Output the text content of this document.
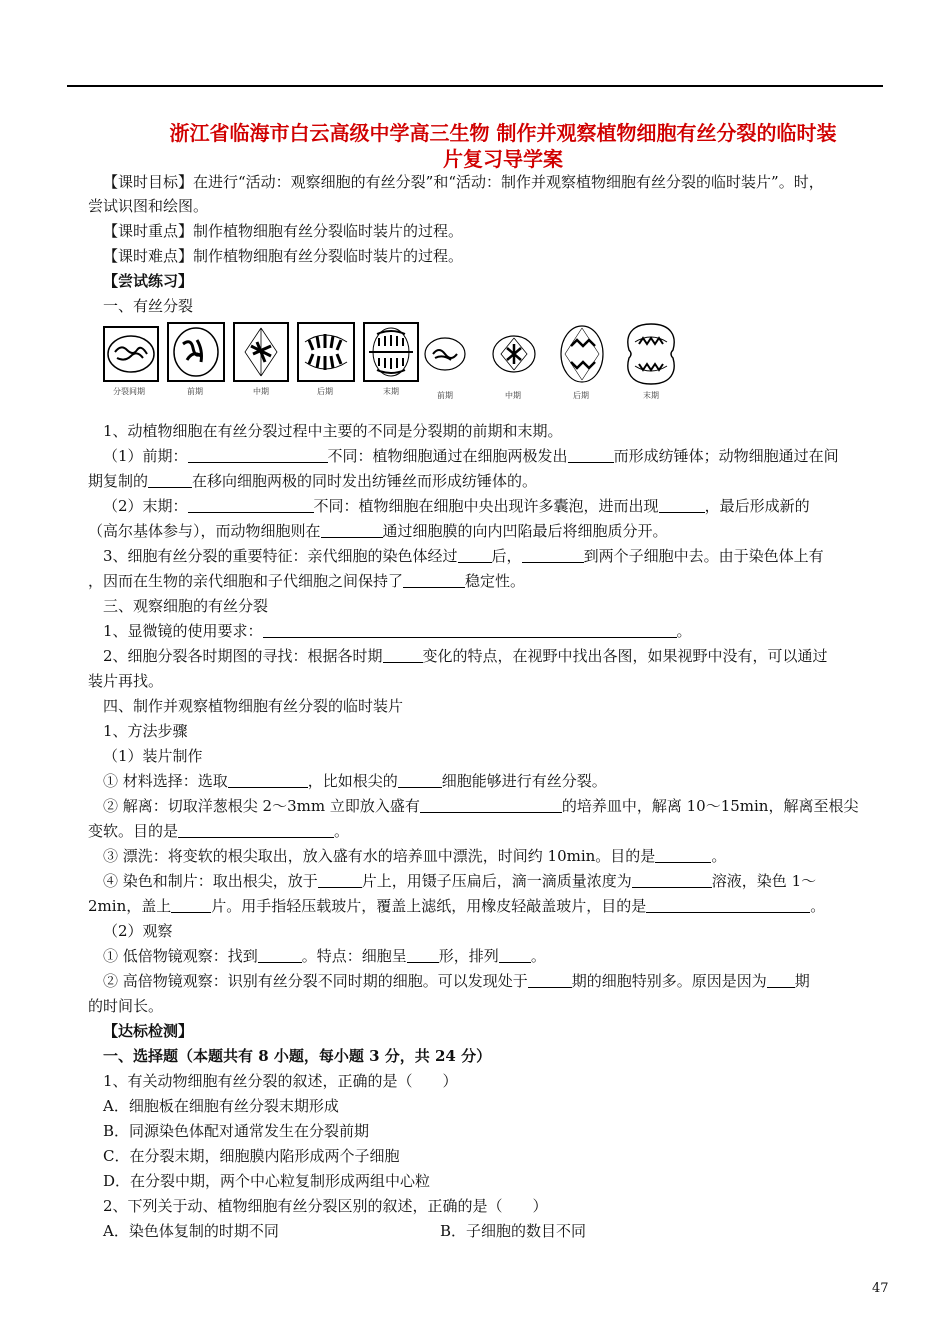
浙江省临海市白云高级中学高三生物 制作并观察植物细胞有丝分裂的临时装
片复习导学案
【课时目标】在进行“活动：观察细胞的有丝分裂”和“活动：制作并观察植物细胞有丝分裂的临时装片”。时，
尝试识图和绘图。
【课时重点】制作植物细胞有丝分裂临时装片的过程。
【课时难点】制作植物细胞有丝分裂临时装片的过程。
【尝试练习】
一、有丝分裂
分裂间期	前期	中期	后期	末期	前期	中期	后期	末期
1、动植物细胞在有丝分裂过程中主要的不同是分裂期的前期和末期。
（1）前期：	不同：植物细胞通过在细胞两极发出	而形成纺锤体；动物细胞通过在间
期复制的	在移向细胞两极的同时发出纺锤丝而形成纺锤体的。
（2）末期：	不同：植物细胞在细胞中央出现许多囊泡，进而出现	，最后形成新的
（高尔基体参与），而动物细胞则在	通过细胞膜的向内凹陷最后将细胞质分开。
3、细胞有丝分裂的重要特征：亲代细胞的染色体经过 后，	到两个子细胞中去。由于染色体上有
，因而在生物的亲代细胞和子代细胞之间保持了	稳定性。
三、观察细胞的有丝分裂
1、显微镜的使用要求：	。
2、细胞分裂各时期图的寻找：根据各时期	变化的特点，在视野中找出各图，如果视野中没有，可以通过
装片再找。
四、制作并观察植物细胞有丝分裂的临时装片
1、方法步骤
（1）装片制作
① 材料选择：选取	，比如根尖的	细胞能够进行有丝分裂。
② 解离：切取洋葱根尖 2～3mm 立即放入盛有	的培养皿中，解离 10～15min，解离至根尖
变软。目的是	。
③ 漂洗：将变软的根尖取出，放入盛有水的培养皿中漂洗，时间约 10min。目的是	。
④ 染色和制片：取出根尖，放于	片上，用镊子压扁后，滴一滴质量浓度为	溶液，染色 1～
2min，盖上	片。用手指轻压载玻片，覆盖上滤纸，用橡皮轻敲盖玻片，目的是	。
（2）观察
① 低倍物镜观察：找到	。特点：细胞呈 形，排列 。
② 高倍物镜观察：识别有丝分裂不同时期的细胞。可以发现处于	期的细胞特别多。原因是因为 期
的时间长。
【达标检测】
一、选择题（本题共有 8 小题，每小题 3 分，共 24 分）
1、有关动物细胞有丝分裂的叙述，正确的是（　　）
A．细胞板在细胞有丝分裂末期形成
B．同源染色体配对通常发生在分裂前期
C．在分裂末期，细胞膜内陷形成两个子细胞
D．在分裂中期，两个中心粒复制形成两组中心粒
2、下列关于动、植物细胞有丝分裂区别的叙述，正确的是（　　）
A．染色体复制的时期不同	B．子细胞的数目不同
47
